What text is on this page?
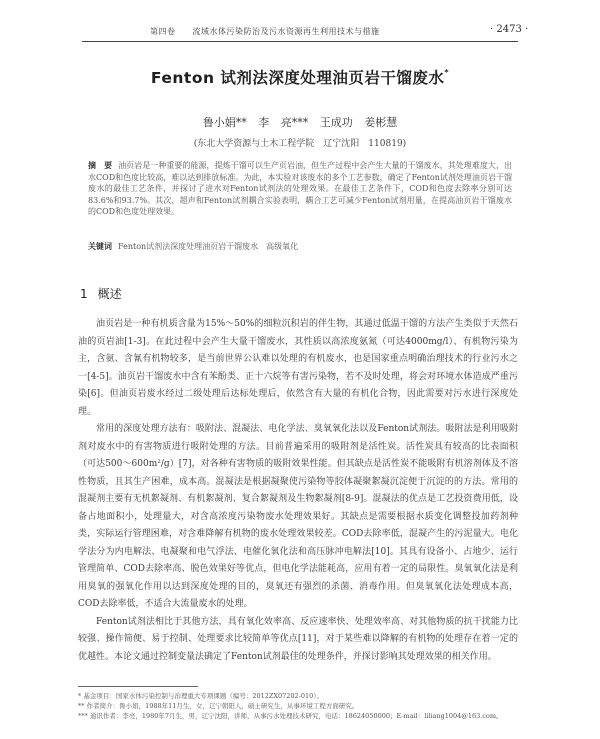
第四卷　　流域水体污染防治及污水资源再生利用技术与措施	· 2473 ·
Fenton 试剂法深度处理油页岩干馏废水*
鲁小娟** 李 亮*** 王成功 姜彬慧
(东北大学资源与土木工程学院　辽宁沈阳　110819)
摘　要 油页岩是一种重要的能源，提炼干馏可以生产页岩油，但生产过程中会产生大量的干馏废水，其处理难度大，出水COD和色度比较高，难以达到排放标准。为此，本实验对该废水的多个工艺参数，确定了Fenton试剂处理油页岩干馏废水的最佳工艺条件，并探讨了进水对Fenton试剂法的处理效果。在最佳工艺条件下，COD和色度去除率分别可达83.6%和93.7%。其次，超声和Fenton试剂耦合实验表明，耦合工艺可减少Fenton试剂用量，在提高油页岩干馏废水的COD和色度处理效果。
关键词 Fenton试剂法深度处理油页岩干馏废水　高级氧化
1 概述

油页岩是一种有机质含量为15%～50%的细粒沉积岩的伴生物，其通过低温干馏的方法产生类似于天然石油的页岩油[1-3]。在此过程中会产生大量干馏废水，其性质以高浓度氨氮（可达4000mg/l）、有机物污染为主，含氨、含氰有机物较多，是当前世界公认难以处理的有机废水，也是国家重点明确治理技术的行业污水之一[4-5]。油页岩干馏废水中含有苯酚类、正十六烷等有害污染物，若不及时处理，将会对环境水体造成严重污染[6]。但油页岩废水经过二级处理后达标处理后，依然含有大量的有机化合物，因此需要对污水进行深度处理。

常用的深度处理方法有：吸附法、混凝法、电化学法、臭氧氧化法以及Fenton试剂法。吸附法是利用吸附剂对废水中的有害物质进行吸附处理的方法。目前普遍采用的吸附剂是活性炭。活性炭具有较高的比表面积（可达500～600m²/g）[7]，对各种有害物质的吸附效果性能。但其缺点是活性炭不能吸附有机溶剂体及不溶性物质，且其生产困难，成本高。混凝法是根据凝聚使污染物等胶体凝聚絮凝沉淀便于沉淀的的方法。常用的混凝剂主要有无机絮凝剂、有机絮凝剂、复合絮凝剂及生物絮凝剂[8-9]。混凝法的优点是工艺投资费用低，设备占地面积小，处理量大，对含高浓度污染物废水处理效果好。其缺点是需要根据水质变化调整投加药剂种类，实际运行管理困难，对含难降解有机物的废水处理效果较差。COD去除率低，混凝产生的污泥量大。电化学法分为内电解法、电凝聚和电气浮法、电催化氧化法和高压脉冲电解法[10]。其具有设备小、占地少、运行管理简单、COD去除率高、脱色效果好等优点，但电化学法能耗高，应用有着一定的局限性。臭氧氧化法是利用臭氧的强氧化作用以达到深度处理的目的，臭氧还有强烈的杀菌、消毒作用。但臭氧氧化法处理成本高，COD去除率低，不适合大流量废水的处理。

Fenton试剂法相比于其他方法，具有氧化效率高、反应速率快、处理效率高、对其他物质的抗干扰能力比较强、操作简便、易于控制、处理要求比较简单等优点[11]，对于某些难以降解的有机物的处理存在着一定的优越性。本论文通过控制变量法确定了Fenton试剂最佳的处理条件，并探讨影响其处理效果的相关作用。

* 基金项目：国家水体污染控制与治理重大专项课题（编号：2012ZX07202-010）。
** 作者简介：鲁小娟，1988年11月生，女，辽宁朝阳人，硕士研究生，从事环境工程方面研究。
*** 通讯作者：李亮，1980年7月生，男，辽宁沈阳，讲师，从事污水处理技术研究，电话：18624050000；E-mail：liliang1004@163.com。
